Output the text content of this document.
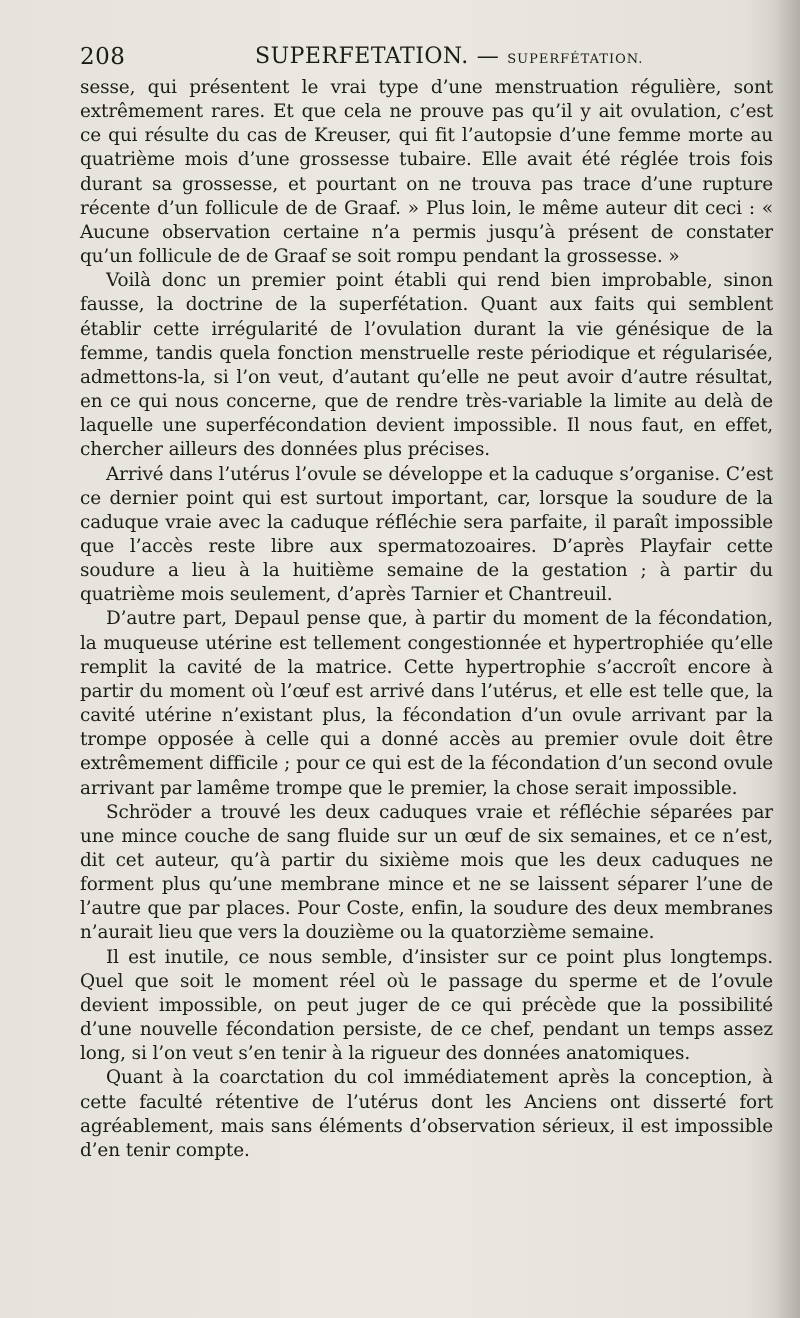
208	SUPERFETATION. — SUPERFÉTATION.

sesse, qui présentent le vrai type d’une menstruation régulière, sont extrêmement rares. Et que cela ne prouve pas qu’il y ait ovulation, c’est ce qui résulte du cas de Kreuser, qui fit l’autopsie d’une femme morte au quatrième mois d’une grossesse tubaire. Elle avait été réglée trois fois durant sa grossesse, et pourtant on ne trouva pas trace d’une rupture récente d’un follicule de de Graaf. » Plus loin, le même auteur dit ceci : « Aucune observation certaine n’a permis jusqu’à présent de constater qu’un follicule de de Graaf se soit rompu pendant la grossesse. »

Voilà donc un premier point établi qui rend bien improbable, sinon fausse, la doctrine de la superfétation. Quant aux faits qui semblent établir cette irrégularité de l’ovulation durant la vie génésique de la femme, tandis quela fonction menstruelle reste périodique et régularisée, admettons-la, si l’on veut, d’autant qu’elle ne peut avoir d’autre résultat, en ce qui nous concerne, que de rendre très-variable la limite au delà de laquelle une superfécondation devient impossible. Il nous faut, en effet, chercher ailleurs des données plus précises.

Arrivé dans l’utérus l’ovule se développe et la caduque s’organise. C’est ce dernier point qui est surtout important, car, lorsque la soudure de la caduque vraie avec la caduque réfléchie sera parfaite, il paraît impossible que l’accès reste libre aux spermatozoaires. D’après Playfair cette soudure a lieu à la huitième semaine de la gestation ; à partir du quatrième mois seulement, d’après Tarnier et Chantreuil.

D’autre part, Depaul pense que, à partir du moment de la fécondation, la muqueuse utérine est tellement congestionnée et hypertrophiée qu’elle remplit la cavité de la matrice. Cette hypertrophie s’accroît encore à partir du moment où l’œuf est arrivé dans l’utérus, et elle est telle que, la cavité utérine n’existant plus, la fécondation d’un ovule arrivant par la trompe opposée à celle qui a donné accès au premier ovule doit être extrêmement difficile ; pour ce qui est de la fécondation d’un second ovule arrivant par lamême trompe que le premier, la chose serait impossible.

Schröder a trouvé les deux caduques vraie et réfléchie séparées par une mince couche de sang fluide sur un œuf de six semaines, et ce n’est, dit cet auteur, qu’à partir du sixième mois que les deux caduques ne forment plus qu’une membrane mince et ne se laissent séparer l’une de l’autre que par places. Pour Coste, enfin, la soudure des deux membranes n’aurait lieu que vers la douzième ou la quatorzième semaine.

Il est inutile, ce nous semble, d’insister sur ce point plus longtemps. Quel que soit le moment réel où le passage du sperme et de l’ovule devient impossible, on peut juger de ce qui précède que la possibilité d’une nouvelle fécondation persiste, de ce chef, pendant un temps assez long, si l’on veut s’en tenir à la rigueur des données anatomiques.

Quant à la coarctation du col immédiatement après la conception, à cette faculté rétentive de l’utérus dont les Anciens ont disserté fort agréablement, mais sans éléments d’observation sérieux, il est impossible d’en tenir compte.
